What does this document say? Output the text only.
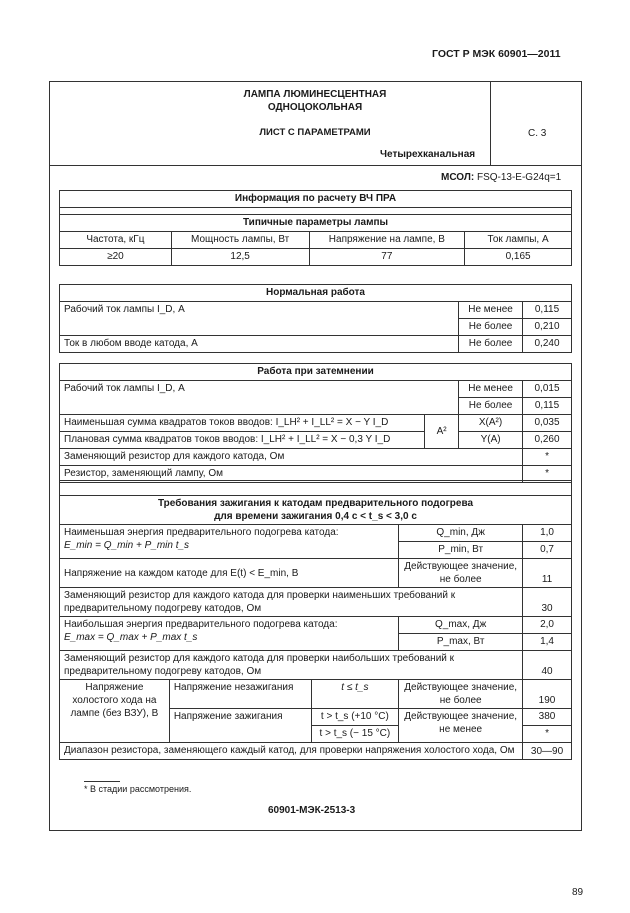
ГОСТ Р МЭК 60901—2011
ЛАМПА ЛЮМИНЕСЦЕНТНАЯ
ОДНОЦОКОЛЬНАЯ
ЛИСТ С ПАРАМЕТРАМИ
Четырехканальная
С. 3
МСОЛ: FSQ-13-E-G24q=1
Информация по расчету ВЧ ПРА			

Типичные параметры лампы			
Частота, кГц	Мощность лампы, Вт	Напряжение на лампе, В	Ток лампы, А
≥20	12,5	77	0,165
Нормальная работа		
Рабочий ток лампы I_D, А	Не менее	0,115
	Не более	0,210
Ток в любом вводе катода, А	Не более	0,240
Работа при затемнении			
Рабочий ток лампы I_D, А		Не менее	0,015
		Не более	0,115
Наименьшая сумма квадратов токов вводов: I_LH² + I_LL² = X − Y I_D	A²	X(A²)	0,035
Плановая сумма квадратов токов вводов: I_LH² + I_LL² = X − 0,3 Y I_D		Y(A)	0,260
Заменяющий резистор для каждого катода, Ом			*
Резистор, заменяющий лампу, Ом			*

Требования зажигания к катодам предварительного подогрева
для времени зажигания 0,4 с < t_s < 3,0 с				

Наименьшая энергия предварительного подогрева катода:
E_min = Q_min + P_min t_s			Q_min, Дж	1,0
			P_min, Вт	0,7
Напряжение на каждом катоде для E(t) < E_min, В			Действующее значение, не более	11
Заменяющий резистор для каждого катода для проверки наименьших требований к предварительному подогреву катодов, Ом				30

Наибольшая энергия предварительного подогрева катода:
E_max = Q_max + P_max t_s			Q_max, Дж	2,0
			P_max, Вт	1,4
Заменяющий резистор для каждого катода для проверки наибольших требований к предварительному подогреву катодов, Ом				40
Напряжение холостого хода на лампе (без ВЗУ), В	Напряжение незажигания	t ≤ t_s	Действующее значение, не более	190
	Напряжение зажигания	t > t_s (+10 °C)	Действующее значение, не менее	380
		t > t_s (− 15 °C)		*
Диапазон резистора, заменяющего каждый катод, для проверки напряжения холостого хода, Ом				30—90
* В стадии рассмотрения.
60901-МЭК-2513-3
89
